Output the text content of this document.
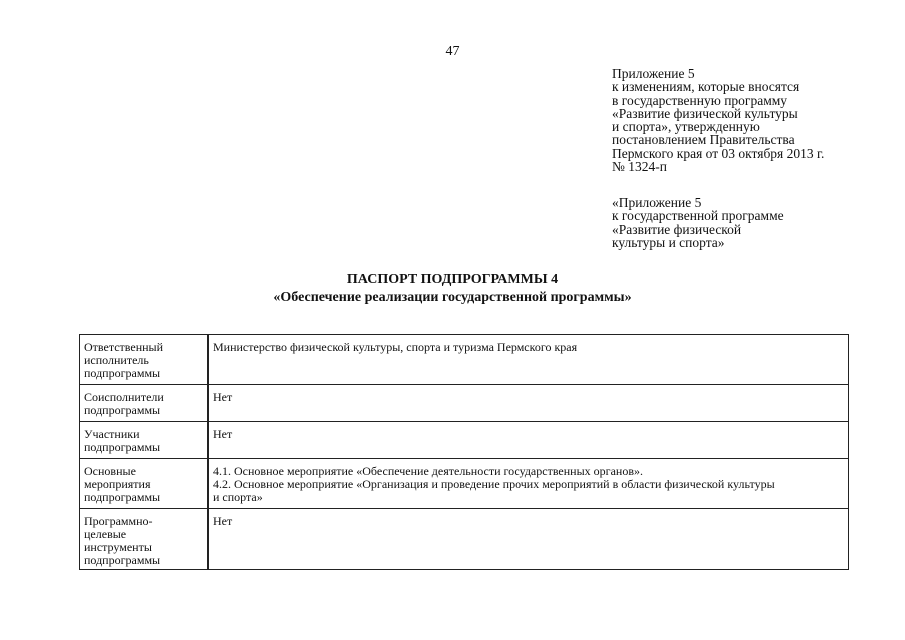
47
Приложение 5
к изменениям, которые вносятся
в государственную программу
«Развитие физической культуры
и спорта», утвержденную
постановлением Правительства
Пермского края от 03 октября 2013 г.
№ 1324-п
«Приложение 5
к государственной программе
«Развитие физической
культуры и спорта»
ПАСПОРТ ПОДПРОГРАММЫ 4
«Обеспечение реализации государственной программы»
Ответственный
исполнитель
подпрограммы	Министерство физической культуры, спорта и туризма Пермского края

Соисполнители
подпрограммы	Нет

Участники
подпрограммы	Нет

Основные
мероприятия
подпрограммы	4.1. Основное мероприятие «Обеспечение деятельности государственных органов».
4.2. Основное мероприятие «Организация и проведение прочих мероприятий в области физической культуры
и спорта»

Программно-
целевые
инструменты
подпрограммы	Нет
